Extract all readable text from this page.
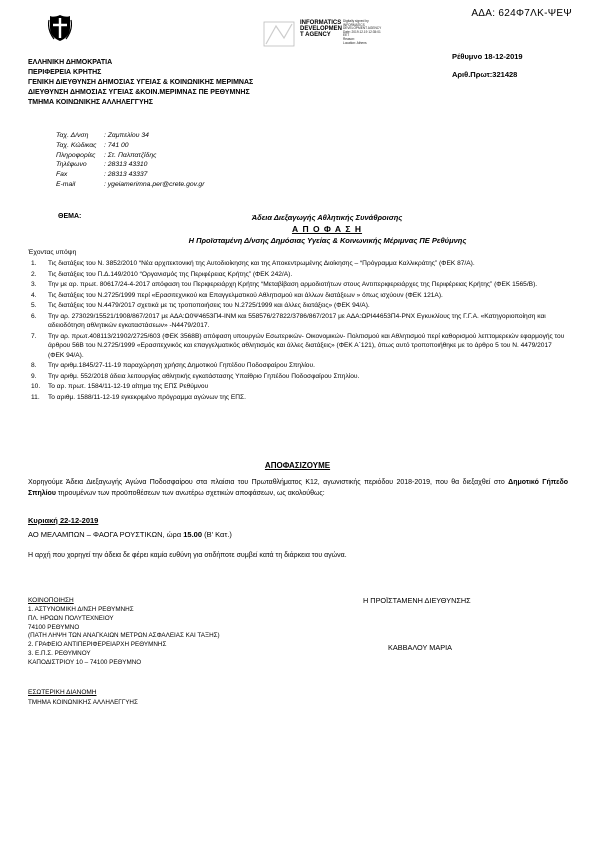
ΑΔΑ: 624Φ7ΛΚ-ΨΕΨ
INFORMATICS
DEVELOPMEN
T AGENCY
Digitally signed by
INFORMATICS
DEVELOPMENT AGENCY
Date: 2019.12.19 12:35:01
EET
Reason:
Location: Athens
Ρέθυμνο 18-12-2019
Αριθ.Πρωτ:321428
ΕΛΛΗΝΙΚΗ ΔΗΜΟΚΡΑΤΙΑ
ΠΕΡΙΦΕΡΕΙΑ ΚΡΗΤΗΣ
ΓΕΝΙΚΗ ΔΙΕΥΘΥΝΣΗ ΔΗΜΟΣΙΑΣ ΥΓΕΙΑΣ & ΚΟΙΝΩΝΙΚΗΣ ΜΕΡΙΜΝΑΣ
ΔΙΕΥΘΥΝΣΗ ΔΗΜΟΣΙΑΣ ΥΓΕΙΑΣ &ΚΟΙΝ.ΜΕΡΙΜΝΑΣ ΠΕ ΡΕΘΥΜΝΗΣ
ΤΜΗΜΑ ΚΟΙΝΩΝΙΚΗΣ ΑΛΛΗΛΕΓΓΥΗΣ
Ταχ. Δ/νση : Ζαμπελίου 34
Ταχ. Κώδικας : 741 00
Πληροφορίες : Στ. Παλπατζίδης
Τηλέφωνο	: 28313 43310
Fax	: 28313 43337
E-mail	: ygeiamerimna.per@crete.gov.gr
ΘΕΜΑ:	Άδεια Διεξαγωγής Αθλητικής Συνάθροισης
Α Π Ο Φ Α Σ Η
Η Προϊσταμένη Δ/νσης Δημόσιας Υγείας & Κοινωνικής Μέριμνας ΠΕ Ρεθύμνης
Έχοντας υπόψη
1. Τις διατάξεις του Ν. 3852/2010 “Νέα αρχιτεκτονική της Αυτοδιοίκησης και της Αποκεντρωμένης Διοίκησης – “Πρόγραμμα Καλλικράτης” (ΦΕΚ 87/Α).
2. Τις διατάξεις του Π.Δ.149/2010 “Οργανισμός της Περιφέρειας Κρήτης” (ΦΕΚ 242/Α).
3. Την με αρ. πρωτ. 80617/24-4-2017 απόφαση του Περιφερειάρχη Κρήτης “Μεταβίβαση αρμοδιοτήτων στους Αντιπεριφερειάρχες της Περιφέρειας Κρήτης” (ΦΕΚ 1565/Β).
4. Τις διατάξεις του Ν.2725/1999 περί «Ερασιτεχνικού και Επαγγελματικού Αθλητισμού και άλλων διατάξεων » όπως ισχύουν (ΦΕΚ 121Α).
5. Τις διατάξεις του Ν.4479/2017 σχετικά με τις τροποποιήσεις του Ν.2725/1999 και άλλες διατάξεις» (ΦΕΚ 94/Α).
6. Την αρ. 273029/15521/1908/867/2017 με ΑΔΑ:Ω0Ψ4653Π4-ΙΝΜ και 558576/27822/3786/867/2017 με ΑΔΑ:ΩΡΙ44653Π4-ΡΝΧ Εγκυκλίους της Γ.Γ.Α. «Κατηγοριοποίηση και αδειοδότηση αθλητικών εγκαταστάσεων» -Ν4479/2017.
7. Την αρ. πρωτ.408113/21902/2725/603 (ΦΕΚ 3568Β) απόφαση υπουργών Εσωτερικών- Οικονομικών- Πολιτισμού και Αθλητισμού περί καθορισμού λεπτομερειών εφαρμογής του άρθρου 56Β του Ν.2725/1999 «Ερασιτεχνικός και επαγγελματικός αθλητισμός και άλλες διατάξεις» (ΦΕΚ Α΄121), όπως αυτό τροποποιήθηκε με το άρθρο 5 του Ν. 4479/2017 (ΦΕΚ 94/Α).
8. Την αριθμ.1845/27-11-19 παραχώρηση χρήσης Δημοτικού Γηπέδου Ποδοσφαίρου Σπηλίου.
9. Την αριθμ. 552/2018 άδεια λειτουργίας αθλητικής εγκατάστασης Υπαίθριο Γηπέδου Ποδοσφαίρου Σπηλίου.
10. Το αρ. πρωτ. 1584/11-12-19 αίτημα της ΕΠΣ Ρεθύμνου
11. Το αριθμ. 1588/11-12-19 εγκεκριμένο πρόγραμμα αγώνων της ΕΠΣ.
ΑΠΟΦΑΣΙΖΟΥΜΕ
Χορηγούμε Άδεια Διεξαγωγής Αγώνα Ποδοσφαίρου στα πλαίσια του Πρωταθλήματος Κ12, αγωνιστικής περιόδου 2018-2019, που θα διεξαχθεί στο Δημοτικό Γήπεδο Σπηλίου τηρουμένων των προϋποθέσεων των ανωτέρω σχετικών αποφάσεων, ως ακολούθως:
Κυριακή 22-12-2019
ΑΟ ΜΕΛΑΜΠΩΝ – ΦΑΟΓΑ ΡΟΥΣΤΙΚΩΝ, ώρα 15.00 (Β' Κατ.)
Η αρχή που χορηγεί την άδεια δε φέρει καμία ευθύνη για οτιδήποτε συμβεί κατά τη διάρκεια του αγώνα.
ΚΟΙΝΟΠΟΙΗΣΗ
1. ΑΣΤΥΝΟΜΙΚΗ Δ/ΝΣΗ ΡΕΘΥΜΝΗΣ
ΠΛ. ΗΡΩΩΝ ΠΟΛΥΤΕΧΝΕΙΟΥ
74100 ΡΕΘΥΜΝΟ
(ΠΑΤΗ ΛΗΨΗ ΤΩΝ ΑΝΑΓΚΑΙΩΝ ΜΕΤΡΩΝ ΑΣΦΑΛΕΙΑΣ ΚΑΙ ΤΑΞΗΣ)
2. ΓΡΑΦΕΙΟ ΑΝΤΙΠΕΡΙΦΕΡΕΙΑΡΧΗ ΡΕΘΥΜΝΗΣ
3. Ε.Π.Σ. ΡΕΘΥΜΝΟΥ
ΚΑΠΟΔΙΣΤΡΙΟΥ 10 – 74100 ΡΕΘΥΜΝΟ
ΕΣΩΤΕΡΙΚΗ ΔΙΑΝΟΜΗ
ΤΜΗΜΑ ΚΟΙΝΩΝΙΚΗΣ ΑΛΛΗΛΕΓΓΥΗΣ
Η ΠΡΟΪΣΤΑΜΕΝΗ ΔΙΕΥΘΥΝΣΗΣ
ΚΑΒΒΑΛΟΥ ΜΑΡΙΑ
